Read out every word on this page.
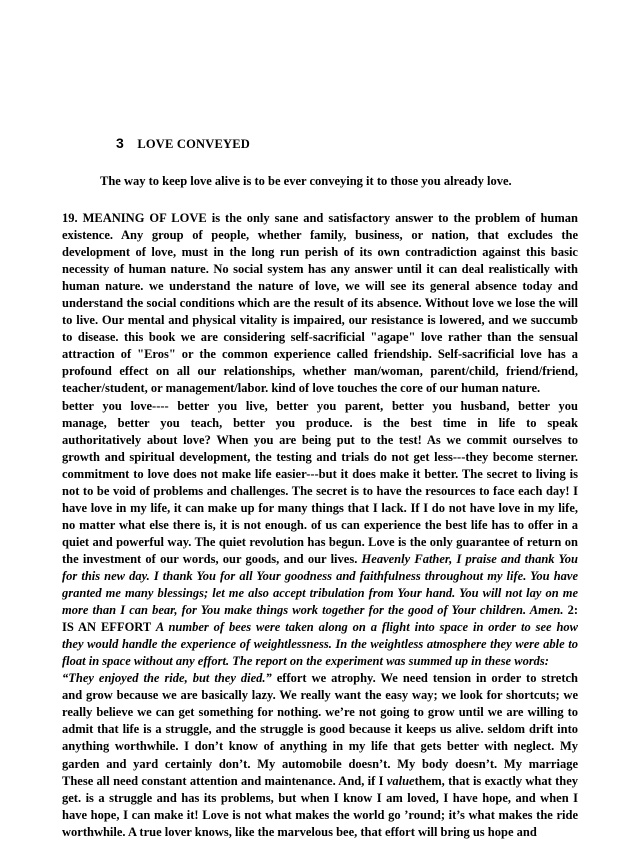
3 LOVE CONVEYED
The way to keep love alive is to be ever conveying it to those you already love.
19. MEANING OF LOVE is the only sane and satisfactory answer to the problem of human
existence. Any group of people, whether family, business, or nation, that excludes the
development of love, must in the long run perish of its own contradiction against this basic
necessity of human nature. No social system has any answer until it can deal realistically with
human nature. we understand the nature of love, we will see its general absence today and
understand the social conditions which are the result of its absence. Without love we lose the will
to live. Our mental and physical vitality is impaired, our resistance is lowered, and we succumb
to disease. this book we are considering self-sacrificial "agape" love rather than the sensual
attraction of "Eros" or the common experience called friendship. Self-sacrificial love has a
profound effect on all our relationships, whether man/woman, parent/child, friend/friend,
teacher/student, or management/labor. kind of love touches the core of our human nature.
better you love---- better you live, better you parent, better you husband, better you
manage, better you teach, better you produce. is the best time in life to speak
authoritatively about love? When you are being put to the test! As we commit ourselves to
growth and spiritual development, the testing and trials do not get less---they become sterner.
commitment to love does not make life easier---but it does make it better. The secret to living is
not to be void of problems and challenges. The secret is to have the resources to face each day! I
have love in my life, it can make up for many things that I lack. If I do not have love in my life,
no matter what else there is, it is not enough. of us can experience the best life has to offer in a
quiet and powerful way. The quiet revolution has begun. Love is the only guarantee of return on
the investment of our words, our goods, and our lives. Heavenly Father, I praise and thank You
for this new day. I thank You for all Your goodness and faithfulness throughout my life. You have
granted me many blessings; let me also accept tribulation from Your hand. You will not lay on me
more than I can bear, for You make things work together for the good of Your children. Amen. 2:
IS AN EFFORT A number of bees were taken along on a flight into space in order to see how
they would handle the experience of weightlessness. In the weightless atmosphere they were able to
float in space without any effort. The report on the experiment was summed up in these words:
“They enjoyed the ride, but they died.” effort we atrophy. We need tension in order to stretch
and grow because we are basically lazy. We really want the easy way; we look for shortcuts; we
really believe we can get something for nothing. we’re not going to grow until we are willing to
admit that life is a struggle, and the struggle is good because it keeps us alive. seldom drift into
anything worthwhile. I don’t know of anything in my life that gets better with neglect. My
garden and yard certainly don’t. My automobile doesn’t. My body doesn’t. My marriage
These all need constant attention and maintenance. And, if I valuethem, that is exactly what they
get. is a struggle and has its problems, but when I know I am loved, I have hope, and when I
have hope, I can make it! Love is not what makes the world go ’round; it’s what makes the ride
worthwhile. A true lover knows, like the marvelous bee, that effort will bring us hope and
